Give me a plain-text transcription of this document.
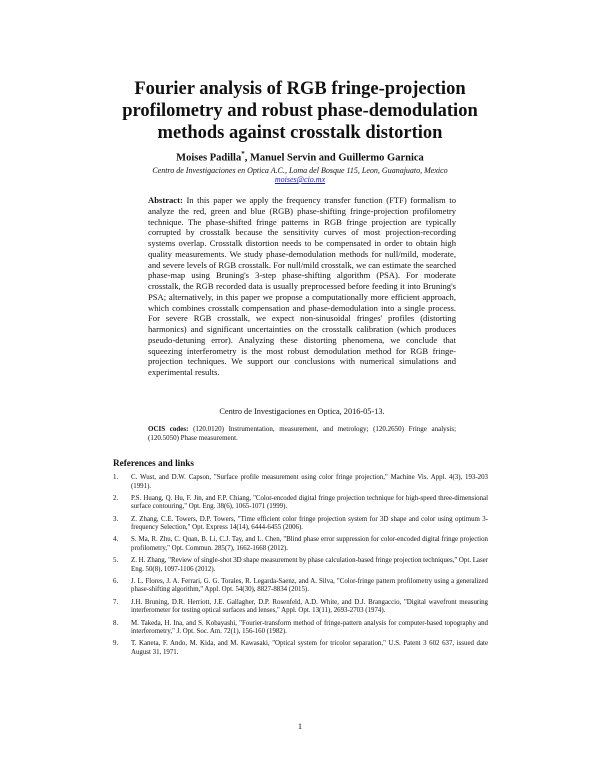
Fourier analysis of RGB fringe-projection profilometry and robust phase-demodulation methods against crosstalk distortion
Moises Padilla*, Manuel Servin and Guillermo Garnica
Centro de Investigaciones en Optica A.C., Loma del Bosque 115, Leon, Guanajuato, Mexico
moises@cio.mx
Abstract: In this paper we apply the frequency transfer function (FTF) formalism to analyze the red, green and blue (RGB) phase-shifting fringe-projection profilometry technique. The phase-shifted fringe patterns in RGB fringe projection are typically corrupted by crosstalk because the sensitivity curves of most projection-recording systems overlap. Crosstalk distortion needs to be compensated in order to obtain high quality measurements. We study phase-demodulation methods for null/mild, moderate, and severe levels of RGB crosstalk. For null/mild crosstalk, we can estimate the searched phase-map using Bruning's 3-step phase-shifting algorithm (PSA). For moderate crosstalk, the RGB recorded data is usually preprocessed before feeding it into Bruning's PSA; alternatively, in this paper we propose a computationally more efficient approach, which combines crosstalk compensation and phase-demodulation into a single process. For severe RGB crosstalk, we expect non-sinusoidal fringes' profiles (distorting harmonics) and significant uncertainties on the crosstalk calibration (which produces pseudo-detuning error). Analyzing these distorting phenomena, we conclude that squeezing interferometry is the most robust demodulation method for RGB fringe-projection techniques. We support our conclusions with numerical simulations and experimental results.
Centro de Investigaciones en Optica, 2016-05-13.
OCIS codes: (120.0120) Instrumentation, measurement, and metrology; (120.2650) Fringe analysis; (120.5050) Phase measurement.
References and links
1.	C. Wust, and D.W. Capson, "Surface profile measurement using color fringe projection," Machine Vis. Appl. 4(3), 193-203 (1991).
2.	P.S. Huang, Q. Hu, F. Jin, and F.P. Chiang, "Color-encoded digital fringe projection technique for high-speed three-dimensional surface contouring," Opt. Eng. 38(6), 1065-1071 (1999).
3.	Z. Zhang, C.E. Towers, D.P. Towers, "Time efficient color fringe projection system for 3D shape and color using optimum 3-frequency Selection," Opt. Express 14(14), 6444-6455 (2006).
4.	S. Ma, R. Zhu, C. Quan, B. Li, C.J. Tay, and L. Chen, "Blind phase error suppression for color-encoded digital fringe projection profilometry," Opt. Commun. 285(7), 1662-1668 (2012).
5.	Z. H. Zhang, "Review of single-shot 3D shape measurement by phase calculation-based fringe projection techniques," Opt. Laser Eng. 50(8), 1097-1106 (2012).
6.	J. L. Flores, J. A. Ferrari, G. G. Torales, R. Legarda-Saenz, and A. Silva, "Color-fringe pattern profilometry using a generalized phase-shifting algorithm," Appl. Opt. 54(30), 8827-8834 (2015).
7.	J.H. Bruning, D.R. Herriott, J.E. Gallagher, D.P. Rosenfeld, A.D. White, and D.J. Brangaccio, "Digital wavefront measuring interferometer for testing optical surfaces and lenses," Appl. Opt. 13(11), 2693-2703 (1974).
8.	M. Takeda, H. Ina, and S. Kobayashi, "Fourier-transform method of fringe-pattern analysis for computer-based topography and interferometry," J. Opt. Soc. Am. 72(1), 156-160 (1982).
9.	T. Kaneta, F. Ando, M. Kida, and M. Kawasaki, "Optical system for tricolor separation," U.S. Patent 3 602 637, issued date August 31, 1971.
1
